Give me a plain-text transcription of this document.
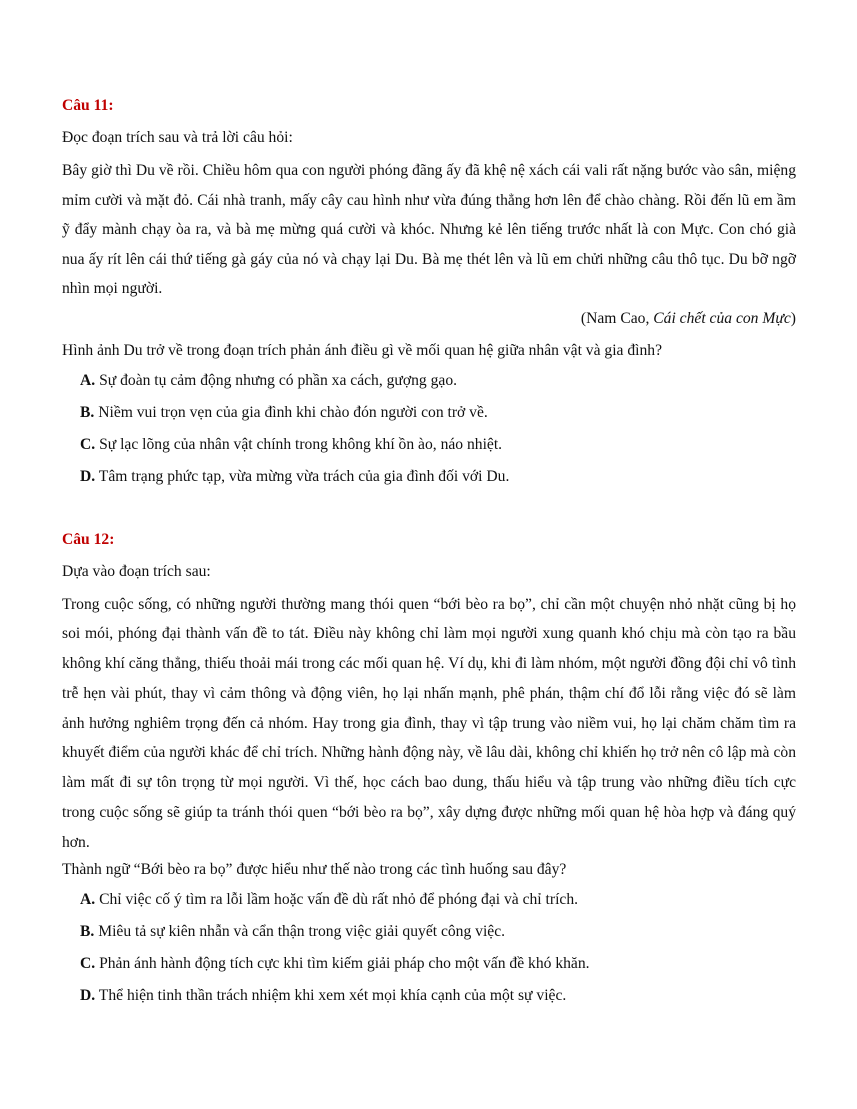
Câu 11:
Đọc đoạn trích sau và trả lời câu hỏi:

Bây giờ thì Du về rồi. Chiều hôm qua con người phóng đãng ấy đã khệ nệ xách cái vali rất nặng bước vào sân, miệng mỉm cười và mặt đỏ. Cái nhà tranh, mấy cây cau hình như vừa đúng thẳng hơn lên để chào chàng. Rồi đến lũ em ầm ỹ đẩy mành chạy òa ra, và bà mẹ mừng quá cười và khóc. Nhưng kẻ lên tiếng trước nhất là con Mực. Con chó già nua ấy rít lên cái thứ tiếng gà gáy của nó và chạy lại Du. Bà mẹ thét lên và lũ em chửi những câu thô tục. Du bỡ ngỡ nhìn mọi người.

(Nam Cao, Cái chết của con Mực)
Hình ảnh Du trở về trong đoạn trích phản ánh điều gì về mối quan hệ giữa nhân vật và gia đình?
A. Sự đoàn tụ cảm động nhưng có phần xa cách, gượng gạo.
B. Niềm vui trọn vẹn của gia đình khi chào đón người con trở về.
C. Sự lạc lõng của nhân vật chính trong không khí ồn ào, náo nhiệt.
D. Tâm trạng phức tạp, vừa mừng vừa trách của gia đình đối với Du.
Câu 12:
Dựa vào đoạn trích sau:

Trong cuộc sống, có những người thường mang thói quen “bới bèo ra bọ”, chỉ cần một chuyện nhỏ nhặt cũng bị họ soi mói, phóng đại thành vấn đề to tát. Điều này không chỉ làm mọi người xung quanh khó chịu mà còn tạo ra bầu không khí căng thẳng, thiếu thoải mái trong các mối quan hệ. Ví dụ, khi đi làm nhóm, một người đồng đội chỉ vô tình trễ hẹn vài phút, thay vì cảm thông và động viên, họ lại nhấn mạnh, phê phán, thậm chí đổ lỗi rằng việc đó sẽ làm ảnh hưởng nghiêm trọng đến cả nhóm. Hay trong gia đình, thay vì tập trung vào niềm vui, họ lại chăm chăm tìm ra khuyết điểm của người khác để chỉ trích. Những hành động này, về lâu dài, không chỉ khiến họ trở nên cô lập mà còn làm mất đi sự tôn trọng từ mọi người. Vì thế, học cách bao dung, thấu hiểu và tập trung vào những điều tích cực trong cuộc sống sẽ giúp ta tránh thói quen “bới bèo ra bọ”, xây dựng được những mối quan hệ hòa hợp và đáng quý hơn.

Thành ngữ “Bới bèo ra bọ” được hiểu như thế nào trong các tình huống sau đây?
A. Chỉ việc cố ý tìm ra lỗi lầm hoặc vấn đề dù rất nhỏ để phóng đại và chỉ trích.
B. Miêu tả sự kiên nhẫn và cẩn thận trong việc giải quyết công việc.
C. Phản ánh hành động tích cực khi tìm kiếm giải pháp cho một vấn đề khó khăn.
D. Thể hiện tinh thần trách nhiệm khi xem xét mọi khía cạnh của một sự việc.
